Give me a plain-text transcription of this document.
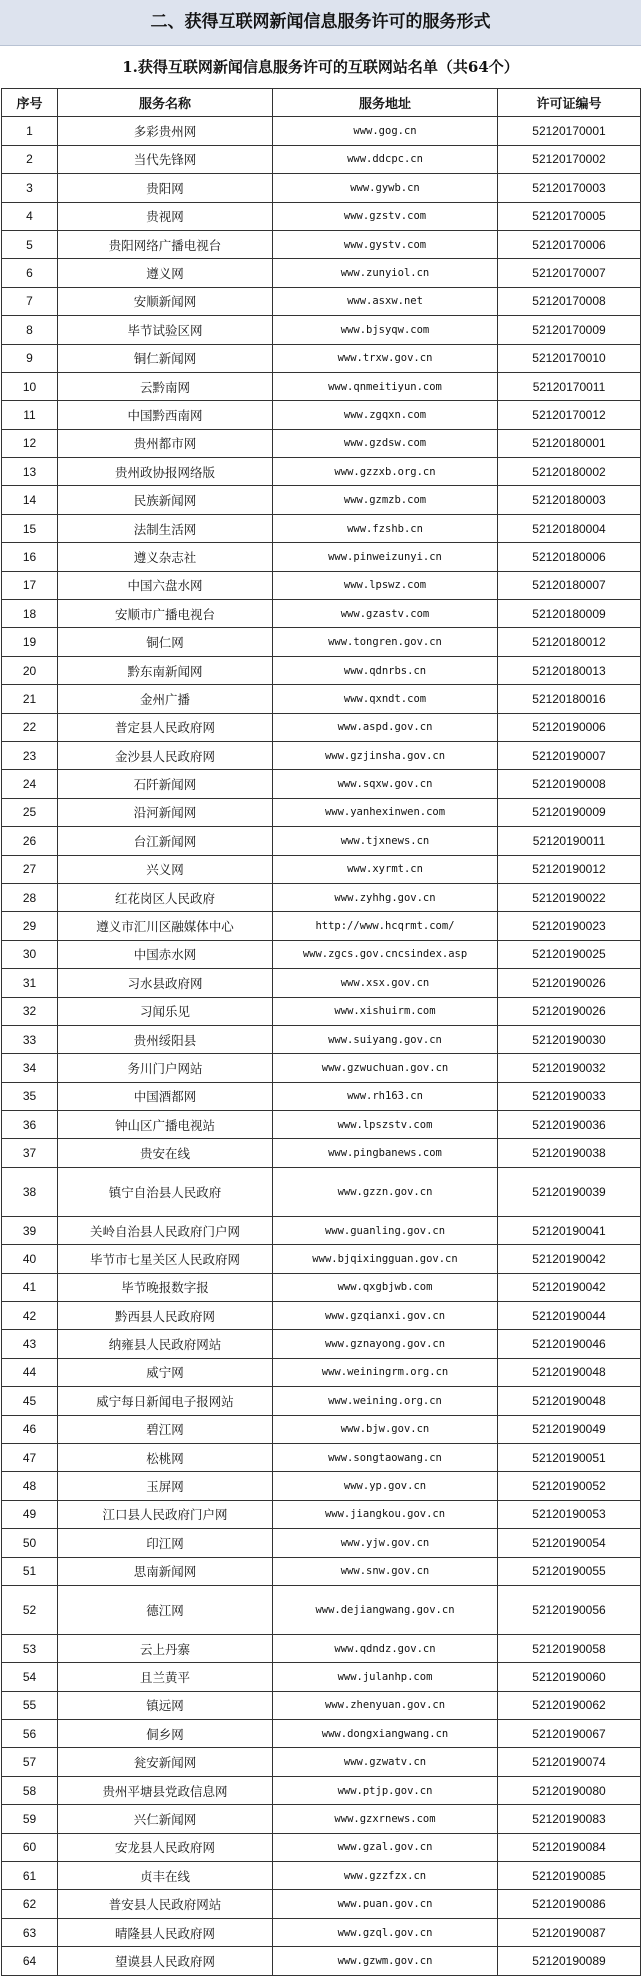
二、获得互联网新闻信息服务许可的服务形式
1.获得互联网新闻信息服务许可的互联网站名单（共64个）
序号	服务名称	服务地址	许可证编号
1	多彩贵州网	www.gog.cn	52120170001
2	当代先锋网	www.ddcpc.cn	52120170002
3	贵阳网	www.gywb.cn	52120170003
4	贵视网	www.gzstv.com	52120170005
5	贵阳网络广播电视台	www.gystv.com	52120170006
6	遵义网	www.zunyiol.cn	52120170007
7	安顺新闻网	www.asxw.net	52120170008
8	毕节试验区网	www.bjsyqw.com	52120170009
9	铜仁新闻网	www.trxw.gov.cn	52120170010
10	云黔南网	www.qnmeitiyun.com	52120170011
11	中国黔西南网	www.zgqxn.com	52120170012
12	贵州都市网	www.gzdsw.com	52120180001
13	贵州政协报网络版	www.gzzxb.org.cn	52120180002
14	民族新闻网	www.gzmzb.com	52120180003
15	法制生活网	www.fzshb.cn	52120180004
16	遵义杂志社	www.pinweizunyi.cn	52120180006
17	中国六盘水网	www.lpswz.com	52120180007
18	安顺市广播电视台	www.gzastv.com	52120180009
19	铜仁网	www.tongren.gov.cn	52120180012
20	黔东南新闻网	www.qdnrbs.cn	52120180013
21	金州广播	www.qxndt.com	52120180016
22	普定县人民政府网	www.aspd.gov.cn	52120190006
23	金沙县人民政府网	www.gzjinsha.gov.cn	52120190007
24	石阡新闻网	www.sqxw.gov.cn	52120190008
25	沿河新闻网	www.yanhexinwen.com	52120190009
26	台江新闻网	www.tjxnews.cn	52120190011
27	兴义网	www.xyrmt.cn	52120190012
28	红花岗区人民政府	www.zyhhg.gov.cn	52120190022
29	遵义市汇川区融媒体中心	http://www.hcqrmt.com/	52120190023
30	中国赤水网	www.zgcs.gov.cncsindex.asp	52120190025
31	习水县政府网	www.xsx.gov.cn	52120190026
32	习闻乐见	www.xishuirm.com	52120190026
33	贵州绥阳县	www.suiyang.gov.cn	52120190030
34	务川门户网站	www.gzwuchuan.gov.cn	52120190032
35	中国酒都网	www.rh163.cn	52120190033
36	钟山区广播电视站	www.lpszstv.com	52120190036
37	贵安在线	www.pingbanews.com	52120190038
38	镇宁自治县人民政府	www.gzzn.gov.cn	52120190039
39	关岭自治县人民政府门户网	www.guanling.gov.cn	52120190041
40	毕节市七星关区人民政府网	www.bjqixingguan.gov.cn	52120190042
41	毕节晚报数字报	www.qxgbjwb.com	52120190042
42	黔西县人民政府网	www.gzqianxi.gov.cn	52120190044
43	纳雍县人民政府网站	www.gznayong.gov.cn	52120190046
44	威宁网	www.weiningrm.org.cn	52120190048
45	威宁每日新闻电子报网站	www.weining.org.cn	52120190048
46	碧江网	www.bjw.gov.cn	52120190049
47	松桃网	www.songtaowang.cn	52120190051
48	玉屏网	www.yp.gov.cn	52120190052
49	江口县人民政府门户网	www.jiangkou.gov.cn	52120190053
50	印江网	www.yjw.gov.cn	52120190054
51	思南新闻网	www.snw.gov.cn	52120190055
52	德江网	www.dejiangwang.gov.cn	52120190056
53	云上丹寨	www.qdndz.gov.cn	52120190058
54	且兰黄平	www.julanhp.com	52120190060
55	镇远网	www.zhenyuan.gov.cn	52120190062
56	侗乡网	www.dongxiangwang.cn	52120190067
57	瓮安新闻网	www.gzwatv.cn	52120190074
58	贵州平塘县党政信息网	www.ptjp.gov.cn	52120190080
59	兴仁新闻网	www.gzxrnews.com	52120190083
60	安龙县人民政府网	www.gzal.gov.cn	52120190084
61	贞丰在线	www.gzzfzx.cn	52120190085
62	普安县人民政府网站	www.puan.gov.cn	52120190086
63	晴隆县人民政府网	www.gzql.gov.cn	52120190087
64	望谟县人民政府网	www.gzwm.gov.cn	52120190089
